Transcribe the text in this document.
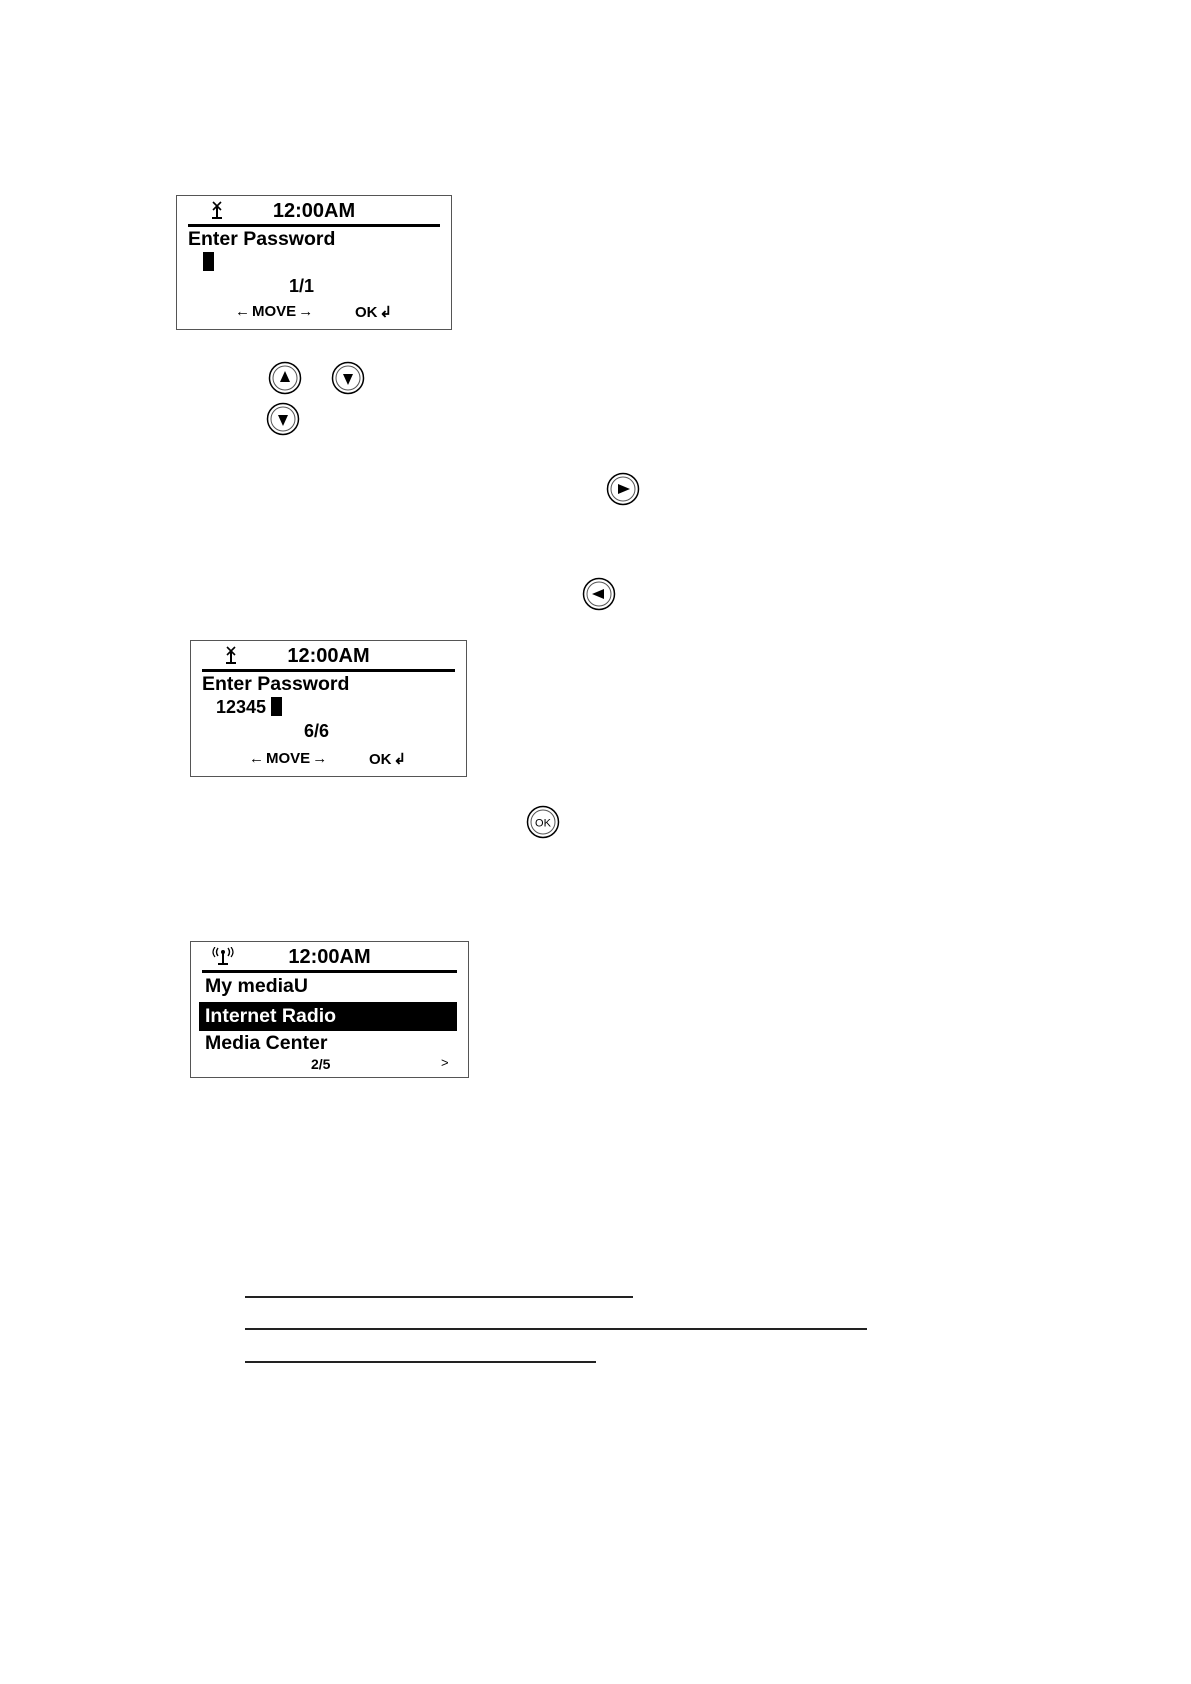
12:00AM
Enter Password
1/1
← MOVE →	OK ↲
12:00AM
Enter Password
12345
6/6
← MOVE →	OK ↲
OK
12:00AM
My mediaU
Internet Radio
Media Center
2/5	>
